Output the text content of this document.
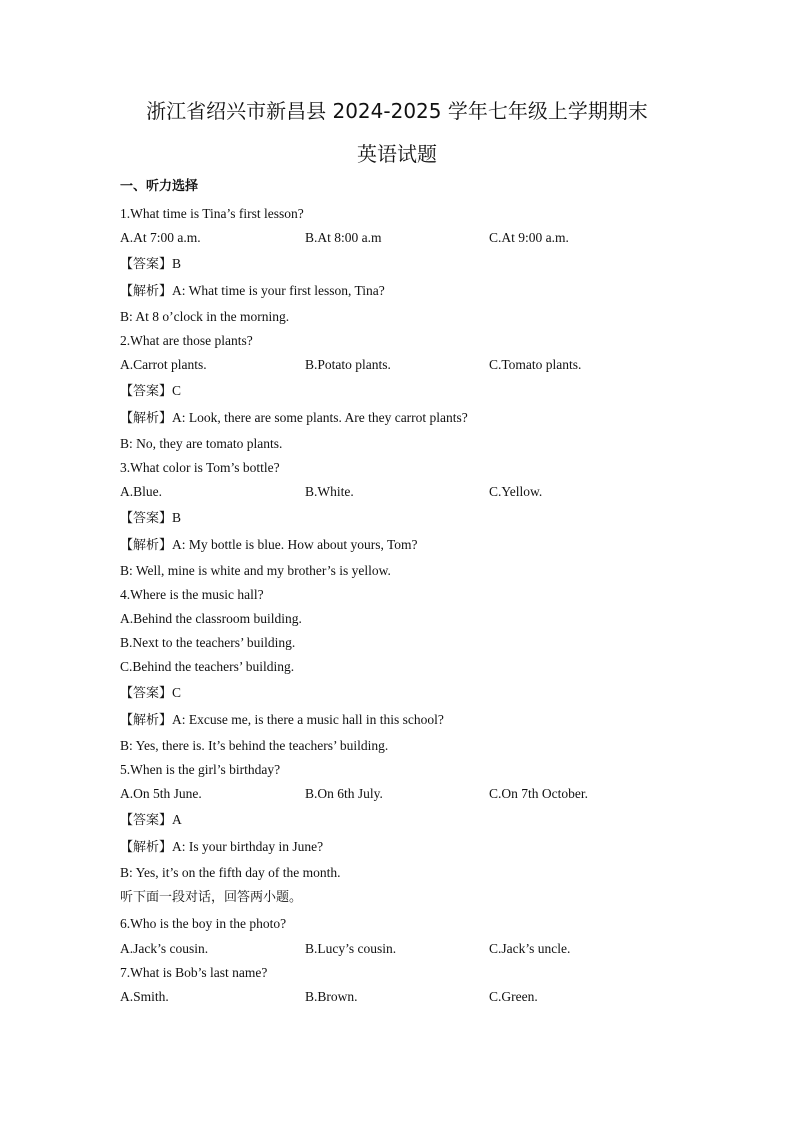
浙江省绍兴市新昌县 2024-2025 学年七年级上学期期末
英语试题
一、听力选择
1.What time is Tina’s first lesson?
A.At 7:00 a.m.	B.At 8:00 a.m	C.At 9:00 a.m.
【答案】B
【解析】A: What time is your first lesson, Tina?
B: At 8 o’clock in the morning.
2.What are those plants?
A.Carrot plants.	B.Potato plants.	C.Tomato plants.
【答案】C
【解析】A: Look, there are some plants. Are they carrot plants?
B: No, they are tomato plants.
3.What color is Tom’s bottle?
A.Blue.	B.White.	C.Yellow.
【答案】B
【解析】A: My bottle is blue. How about yours, Tom?
B: Well, mine is white and my brother’s is yellow.
4.Where is the music hall?
A.Behind the classroom building.
B.Next to the teachers’ building.
C.Behind the teachers’ building.
【答案】C
【解析】A: Excuse me, is there a music hall in this school?
B: Yes, there is. It’s behind the teachers’ building.
5.When is the girl’s birthday?
A.On 5th June.	B.On 6th July.	C.On 7th October.
【答案】A
【解析】A: Is your birthday in June?
B: Yes, it’s on the fifth day of the month.
听下面一段对话，回答两小题。
6.Who is the boy in the photo?
A.Jack’s cousin.	B.Lucy’s cousin.	C.Jack’s uncle.
7.What is Bob’s last name?
A.Smith.	B.Brown.	C.Green.
